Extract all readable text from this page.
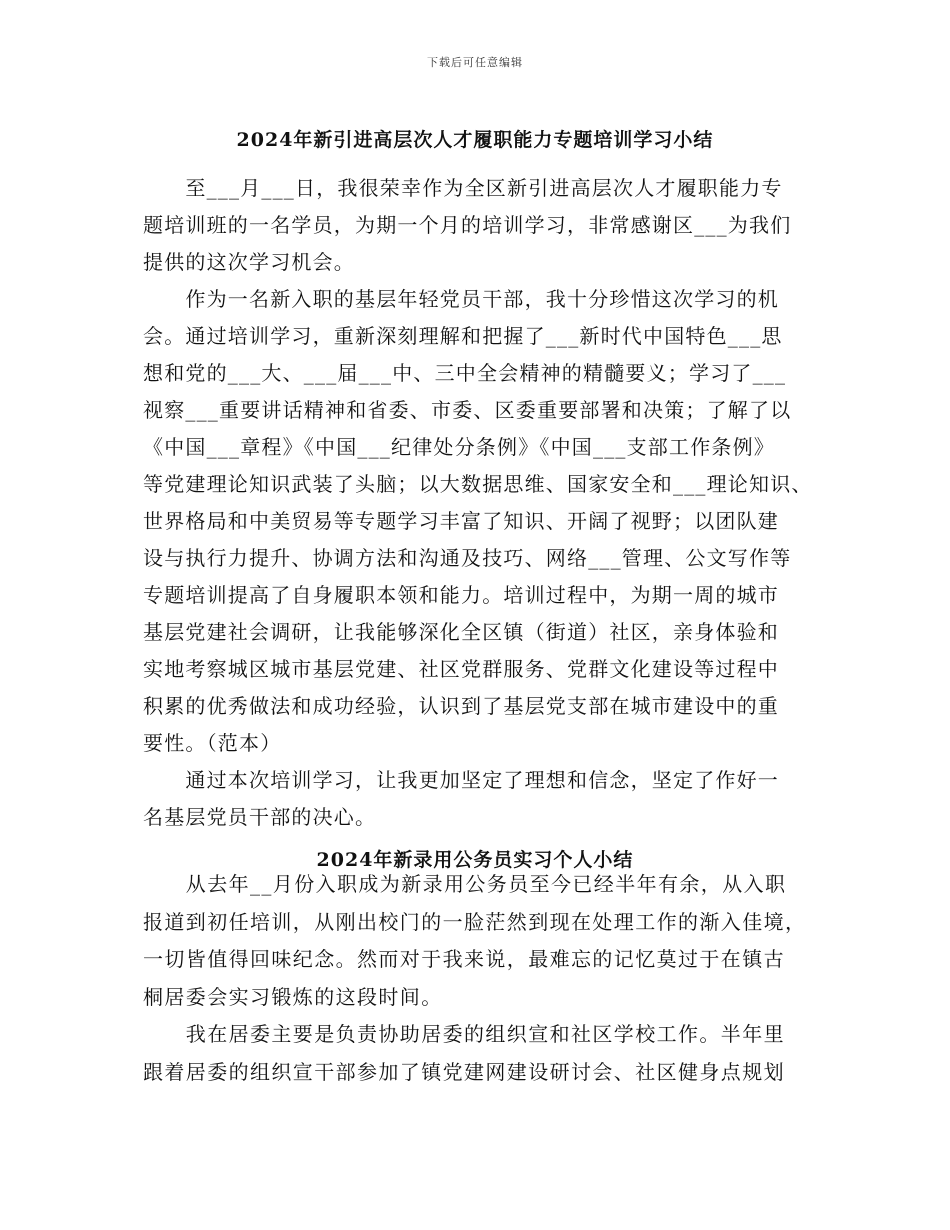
下载后可任意编辑
2024年新引进高层次人才履职能力专题培训学习小结
　　至___月___日，我很荣幸作为全区新引进高层次人才履职能力专
题培训班的一名学员，为期一个月的培训学习，非常感谢区___为我们
提供的这次学习机会。
　　作为一名新入职的基层年轻党员干部，我十分珍惜这次学习的机
会。通过培训学习，重新深刻理解和把握了___新时代中国特色___思
想和党的___大、___届___中、三中全会精神的精髓要义；学习了___
视察___重要讲话精神和省委、市委、区委重要部署和决策；了解了以
《中国___章程》《中国___纪律处分条例》《中国___支部工作条例》
等党建理论知识武装了头脑；以大数据思维、国家安全和___理论知识、
世界格局和中美贸易等专题学习丰富了知识、开阔了视野；以团队建
设与执行力提升、协调方法和沟通及技巧、网络___管理、公文写作等
专题培训提高了自身履职本领和能力。培训过程中，为期一周的城市
基层党建社会调研，让我能够深化全区镇（街道）社区，亲身体验和
实地考察城区城市基层党建、社区党群服务、党群文化建设等过程中
积累的优秀做法和成功经验，认识到了基层党支部在城市建设中的重
要性。（范本）
　　通过本次培训学习，让我更加坚定了理想和信念，坚定了作好一
名基层党员干部的决心。
2024年新录用公务员实习个人小结
　　从去年__月份入职成为新录用公务员至今已经半年有余，从入职
报道到初任培训，从刚出校门的一脸茫然到现在处理工作的渐入佳境，
一切皆值得回味纪念。然而对于我来说，最难忘的记忆莫过于在镇古
桐居委会实习锻炼的这段时间。
　　我在居委主要是负责协助居委的组织宣和社区学校工作。半年里
跟着居委的组织宣干部参加了镇党建网建设研讨会、社区健身点规划
